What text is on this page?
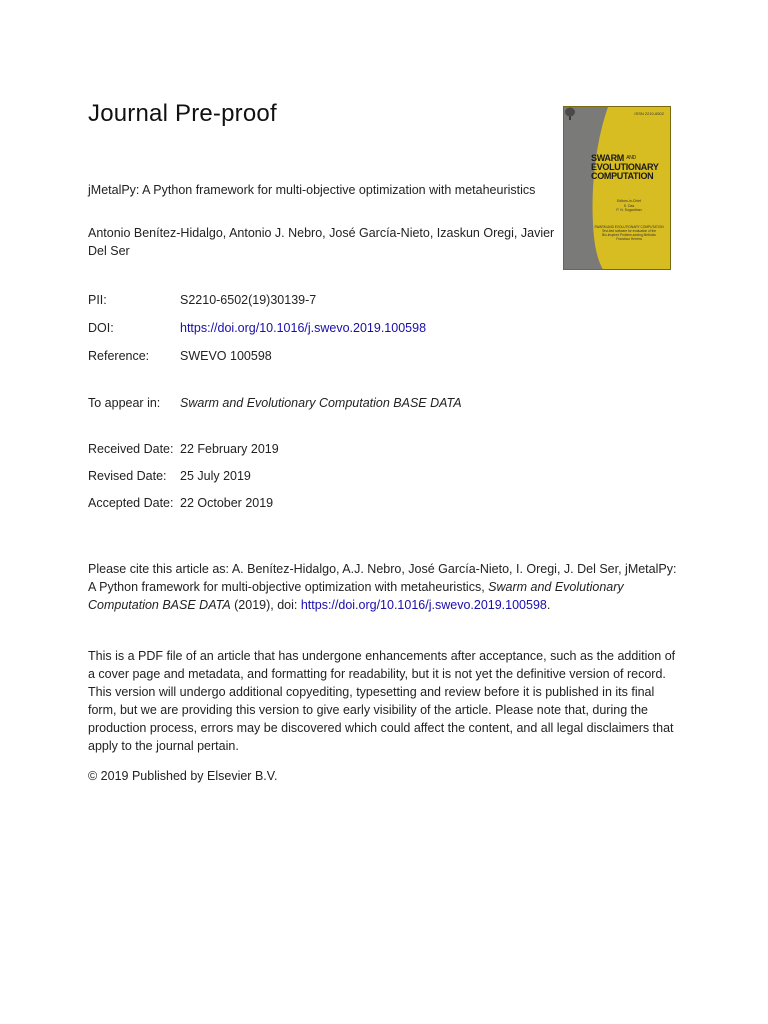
Journal Pre-proof
jMetalPy: A Python framework for multi-objective optimization with metaheuristics
Antonio Benítez-Hidalgo, Antonio J. Nebro, José García-Nieto, Izaskun Oregi, Javier Del Ser
PII:	S2210-6502(19)30139-7
DOI:	https://doi.org/10.1016/j.swevo.2019.100598
Reference: SWEVO 100598
To appear in: Swarm and Evolutionary Computation BASE DATA
Received Date: 22 February 2019
Revised Date: 25 July 2019
Accepted Date: 22 October 2019
Please cite this article as: A. Benítez-Hidalgo, A.J. Nebro, José García-Nieto, I. Oregi, J. Del Ser, jMetalPy: A Python framework for multi-objective optimization with metaheuristics, Swarm and Evolutionary Computation BASE DATA (2019), doi: https://doi.org/10.1016/j.swevo.2019.100598.
This is a PDF file of an article that has undergone enhancements after acceptance, such as the addition of a cover page and metadata, and formatting for readability, but it is not yet the definitive version of record. This version will undergo additional copyediting, typesetting and review before it is published in its final form, but we are providing this version to give early visibility of the article. Please note that, during the production process, errors may be discovered which could affect the content, and all legal disclaimers that apply to the journal pertain.
© 2019 Published by Elsevier B.V.
ISSN 2210-6502
SWARM $^{AND}$
EVOLUTIONARY
COMPUTATION
Editors-in-Chief
S. Das
P. N. Suganthan
SWARM AND EVOLUTIONARY COMPUTATION
Test-bed software for evaluation of the
Bio-inspired Problem-solving Methods
Francisco Herrera
